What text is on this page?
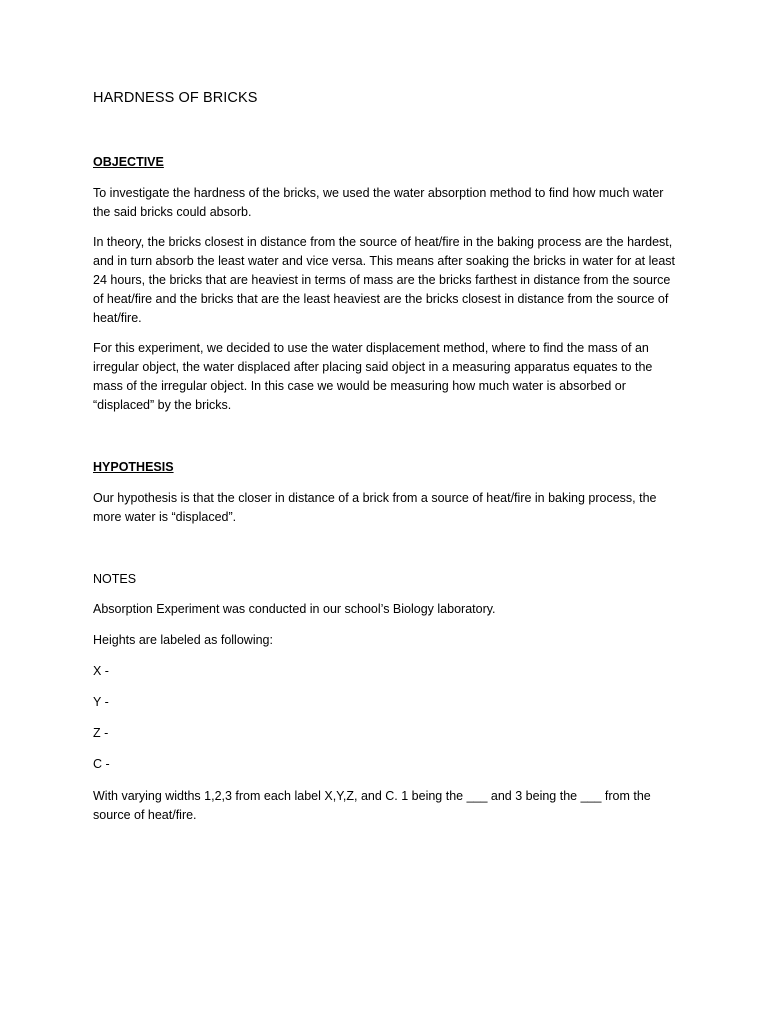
HARDNESS OF BRICKS
OBJECTIVE

To investigate the hardness of the bricks, we used the water absorption method to find how much water the said bricks could absorb.

In theory, the bricks closest in distance from the source of heat/fire in the baking process are the hardest, and in turn absorb the least water and vice versa. This means after soaking the bricks in water for at least 24 hours, the bricks that are heaviest in terms of mass are the bricks farthest in distance from the source of heat/fire and the bricks that are the least heaviest are the bricks closest in distance from the source of heat/fire.

For this experiment, we decided to use the water displacement method, where to find the mass of an irregular object, the water displaced after placing said object in a measuring apparatus equates to the mass of the irregular object. In this case we would be measuring how much water is absorbed or “displaced” by the bricks.

HYPOTHESIS

Our hypothesis is that the closer in distance of a brick from a source of heat/fire in baking process, the more water is “displaced”.

NOTES

Absorption Experiment was conducted in our school’s Biology laboratory.

Heights are labeled as following:

X -

Y -

Z -

C -

With varying widths 1,2,3 from each label X,Y,Z, and C. 1 being the ___ and 3 being the ___ from the source of heat/fire.
